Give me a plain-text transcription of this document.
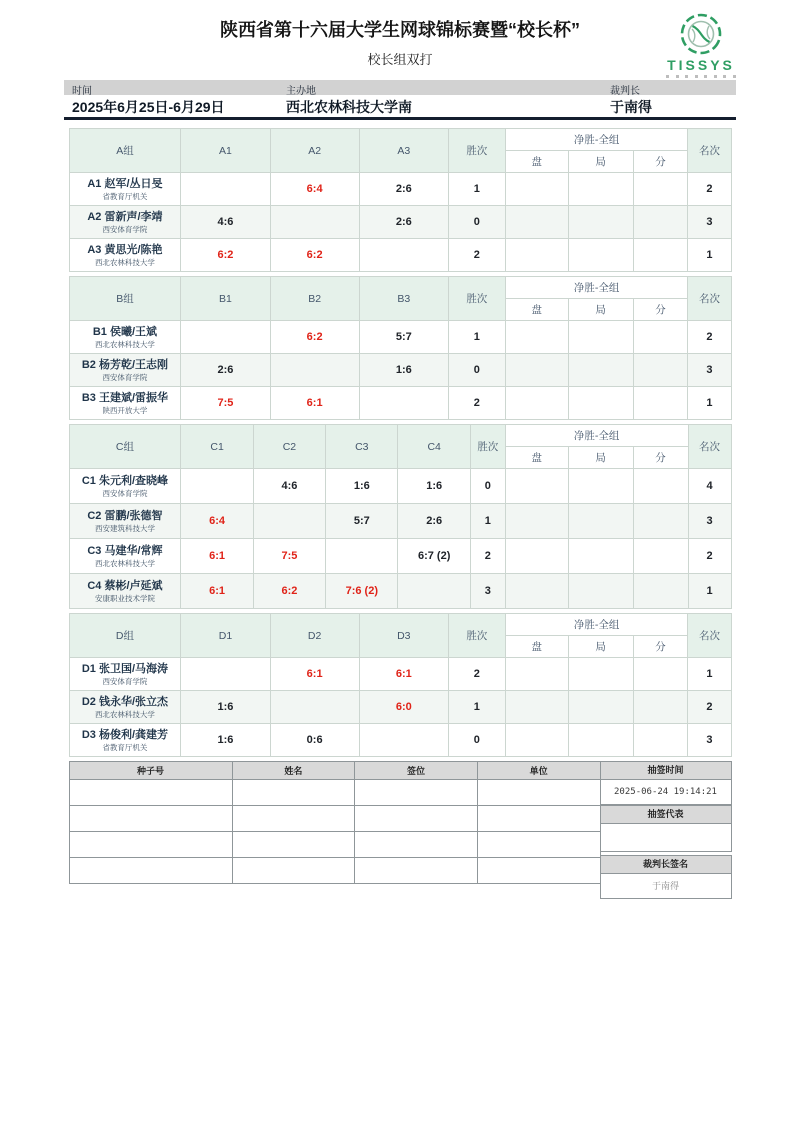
陕西省第十六届大学生网球锦标赛暨“校长杯”
校长组双打	TISSYS
时间	主办地	裁判长
2025年6月25日-6月29日	西北农林科技大学南	于南得
A组	A1	A2	A3	胜次	净胜-全组			名次
					盘	局	分	

A1 赵军/丛日旻
省教育厅机关		6:4	2:6	1				2

A2 雷新声/李靖
西安体育学院	4:6		2:6	0				3

A3 黄思光/陈艳
西北农林科技大学	6:2	6:2		2				1
B组	B1	B2	B3	胜次	净胜-全组			名次
					盘	局	分	

B1 侯曦/王斌
西北农林科技大学		6:2	5:7	1				2

B2 杨芳乾/王志刚
西安体育学院	2:6		1:6	0				3

B3 王建斌/雷振华
陕西开放大学	7:5	6:1		2				1
C组	C1	C2	C3	C4	胜次	净胜-全组			名次
						盘	局	分	

C1 朱元利/查晓峰
西安体育学院		4:6	1:6	1:6	0				4

C2 雷鹏/张德智
西安建筑科技大学	6:4		5:7	2:6	1				3

C3 马建华/常辉
西北农林科技大学	6:1	7:5		6:7 (2)	2				2

C4 蔡彬/卢延斌
安康职业技术学院	6:1	6:2	7:6 (2)		3				1
D组	D1	D2	D3	胜次	净胜-全组			名次
					盘	局	分	

D1 张卫国/马海涛
西安体育学院		6:1	6:1	2				1

D2 钱永华/张立杰
西北农林科技大学	1:6		6:0	1				2

D3 杨俊利/龚建芳
省教育厅机关	1:6	0:6		0				3
种子号	姓名	签位	单位

				抽签时间
2025-06-24 19:14:21
抽签代表
裁判长签名
于南得
